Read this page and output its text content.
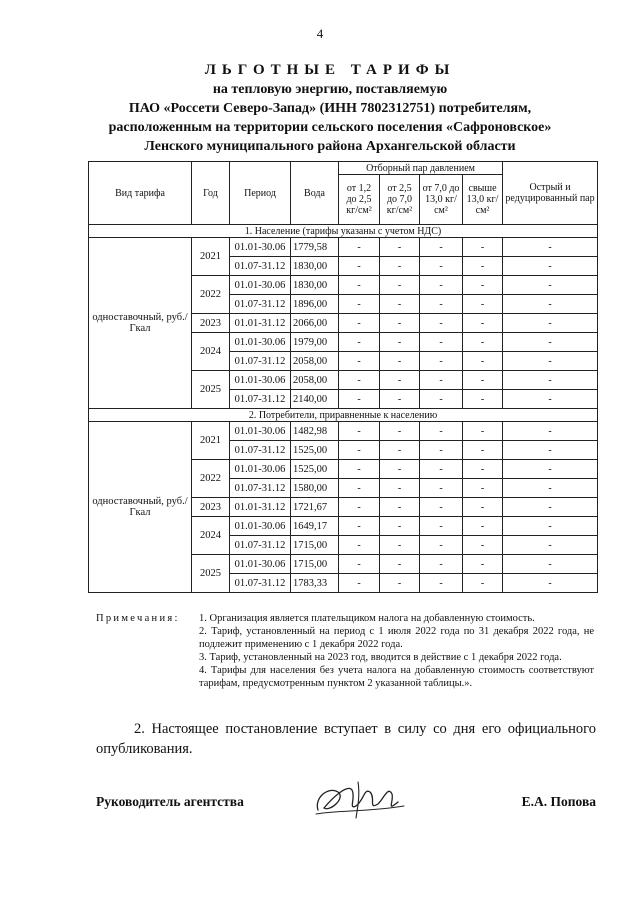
4
ЛЬГОТНЫЕ ТАРИФЫ
на тепловую энергию, поставляемую
ПАО «Россети Северо-Запад» (ИНН 7802312751) потребителям,
расположенным на территории сельского поселения «Сафроновское»
Ленского муниципального района Архангельской области
Вид тарифа	Год	Период	Вода	Отборный пар давлением				Острый и редуцированный пар
				от 1,2 до 2,5 кг/см²	от 2,5 до 7,0 кг/см²	от 7,0 до 13,0 кг/см²	свыше 13,0 кг/см²	
1. Население (тарифы указаны с учетом НДС)								
одноставочный, руб./Гкал	2021	01.01-30.06	1779,58	-	-	-	-	-
		01.07-31.12	1830,00	-	-	-	-	-
	2022	01.01-30.06	1830,00	-	-	-	-	-
		01.07-31.12	1896,00	-	-	-	-	-
	2023	01.01-31.12	2066,00	-	-	-	-	-
	2024	01.01-30.06	1979,00	-	-	-	-	-
		01.07-31.12	2058,00	-	-	-	-	-
	2025	01.01-30.06	2058,00	-	-	-	-	-
		01.07-31.12	2140,00	-	-	-	-	-
2. Потребители, приравненные к населению								
одноставочный, руб./Гкал	2021	01.01-30.06	1482,98	-	-	-	-	-
		01.07-31.12	1525,00	-	-	-	-	-
	2022	01.01-30.06	1525,00	-	-	-	-	-
		01.07-31.12	1580,00	-	-	-	-	-
	2023	01.01-31.12	1721,67	-	-	-	-	-
	2024	01.01-30.06	1649,17	-	-	-	-	-
		01.07-31.12	1715,00	-	-	-	-	-
	2025	01.01-30.06	1715,00	-	-	-	-	-
		01.07-31.12	1783,33	-	-	-	-	-
Примечания:	1. Организация является плательщиком налога на добавленную стоимость.
2. Тариф, установленный на период с 1 июля 2022 года по 31 декабря 2022 года, не подлежит применению с 1 декабря 2022 года.
3. Тариф, установленный на 2023 год, вводится в действие с 1 декабря 2022 года.
4. Тарифы для населения без учета налога на добавленную стоимость соответствуют тарифам, предусмотренным пунктом 2 указанной таблицы.».
2. Настоящее постановление вступает в силу со дня его официального опубликования.
Руководитель агентства	Е.А. Попова
